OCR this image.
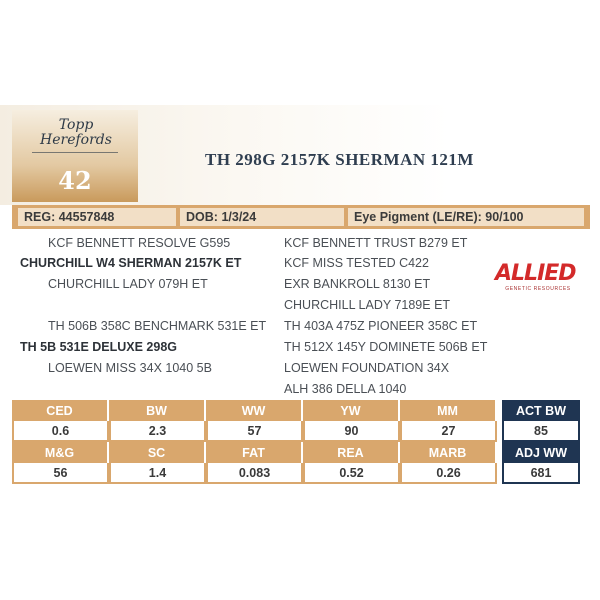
Topp
Herefords
42
TH 298G 2157K SHERMAN 121M
REG: 44557848	DOB: 1/3/24	Eye Pigment (LE/RE): 90/100
KCF BENNETT RESOLVE G595
CHURCHILL W4 SHERMAN 2157K ET
CHURCHILL LADY 079H ET
TH 506B 358C BENCHMARK 531E ET
TH 5B 531E DELUXE 298G
LOEWEN MISS 34X 1040 5B
KCF BENNETT TRUST B279 ET
KCF MISS TESTED C422
EXR BANKROLL 8130 ET
CHURCHILL LADY 7189E ET
TH 403A 475Z PIONEER 358C ET
TH 512X 145Y DOMINETE 506B ET
LOEWEN FOUNDATION 34X
ALH 386 DELLA 1040
ALLIED
GENETIC RESOURCES
CED	BW	WW	YW	MM
0.6	2.3	57	90	27
M&G	SC	FAT	REA	MARB
56	1.4	0.083	0.52	0.26
ACT BW
85
ADJ WW
681
